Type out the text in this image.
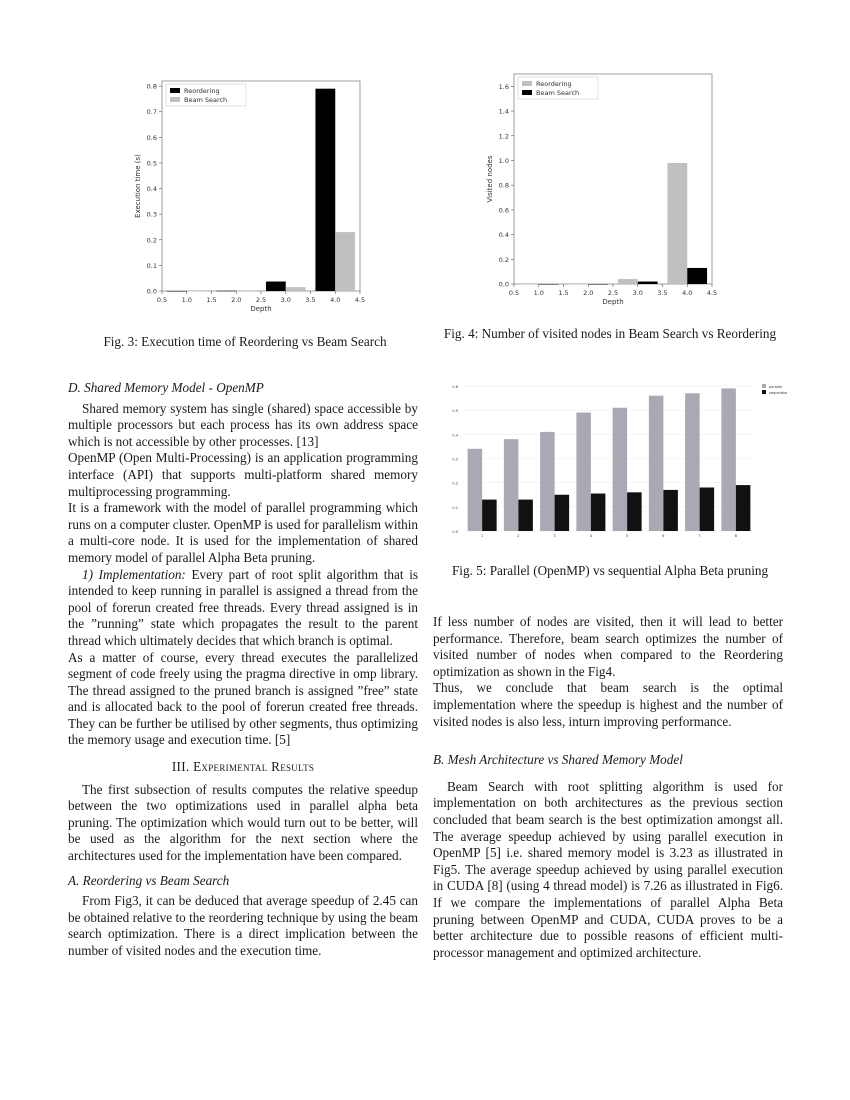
0.0
0.1
0.2
0.3
0.4
0.5
0.6
0.7
0.8
0.5 1.0 1.5 2.0 2.5 3.0 3.5 4.0 4.5
Reordering
Beam Search
Depth
Execution time (s)
Fig. 3: Execution time of Reordering vs Beam Search
0.0
0.2
0.4
0.6
0.8
1.0
1.2
1.4
1.6
0.5 1.0 1.5 2.0 2.5 3.0 3.5 4.0 4.5
Reordering
Beam Search
Depth
Visited nodes
Fig. 4: Number of visited nodes in Beam Search vs Reordering
0.0
0.1
0.2
0.3
0.4
0.5
0.6
1	2	3	4	5	6	7	8
parallel
sequential
Fig. 5: Parallel (OpenMP) vs sequential Alpha Beta pruning

D. Shared Memory Model - OpenMP

Shared memory system has single (shared) space accessible by multiple processors but each process has its own address space which is not accessible by other processes. [13]

OpenMP (Open Multi-Processing) is an application programming interface (API) that supports multi-platform shared memory multiprocessing programming.

It is a framework with the model of parallel programming which runs on a computer cluster. OpenMP is used for parallelism within a multi-core node. It is used for the implementation of shared memory model of parallel Alpha Beta pruning.

1) Implementation: Every part of root split algorithm that is intended to keep running in parallel is assigned a thread from the pool of forerun created free threads. Every thread assigned is in the ”running” state which propagates the result to the parent thread which ultimately decides that which branch is optimal.

As a matter of course, every thread executes the parallelized segment of code freely using the pragma directive in omp library. The thread assigned to the pruned branch is assigned ”free” state and is allocated back to the pool of forerun created free threads. They can be further be utilised by other segments, thus optimizing the memory usage and execution time. [5]

III. Experimental Results

The first subsection of results computes the relative speedup between the two optimizations used in parallel alpha beta pruning. The optimization which would turn out to be better, will be used as the algorithm for the next section where the architectures used for the implementation have been compared.

A. Reordering vs Beam Search

From Fig3, it can be deduced that average speedup of 2.45 can be obtained relative to the reordering technique by using the beam search optimization. There is a direct implication between the number of visited nodes and the execution time.

If less number of nodes are visited, then it will lead to better performance. Therefore, beam search optimizes the number of visited number of nodes when compared to the Reordering optimization as shown in the Fig4.

Thus, we conclude that beam search is the optimal implementation where the speedup is highest and the number of visited nodes is also less, inturn improving performance.

B. Mesh Architecture vs Shared Memory Model

Beam Search with root splitting algorithm is used for implementation on both architectures as the previous section concluded that beam search is the best optimization amongst all. The average speedup achieved by using parallel execution in OpenMP [5] i.e. shared memory model is 3.23 as illustrated in Fig5. The average speedup achieved by using parallel execution in CUDA [8] (using 4 thread model) is 7.26 as illustrated in Fig6. If we compare the implementations of parallel Alpha Beta pruning between OpenMP and CUDA, CUDA proves to be a better architecture due to possible reasons of efficient multi-processor management and optimized architecture.
